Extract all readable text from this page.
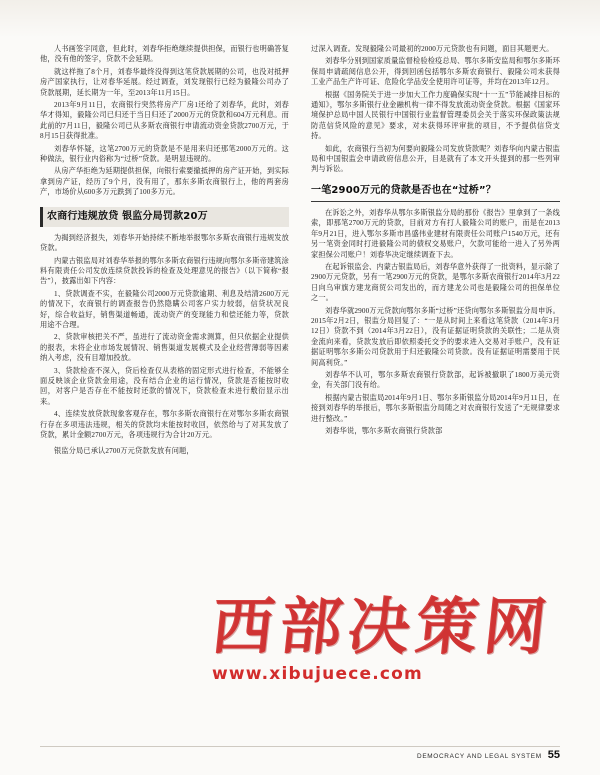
人书画签字同意，但此时，刘春华拒绝继续提供担保，而银行也明确答复他，没有他的签字，贷款不会延期。

就这样拖了8个月，刘春华最终没得到这笔贷款展期的公司，也没对抵押房产国家执行，让对春华延展。经过调查，刘发现银行已经为毅隆公司办了贷款展期，延长期为一年，至2013年11月15日。

2013年9月11日，农商银行突然将房产厂房1还给了刘春华，此时，刘春华才得知，毅隆公司已归还于当日归还了2000万元的贷款和604万元利息。而此前的7月11日，毅隆公司已从多斯农商银行申请流动资金贷款2700万元，于8月15日获得批准。

刘春华怀疑，这笔2700万元的贷款是不是用来归还那笔2000万元的。这种做法，银行业内俗称为“过桥”贷款。是明显违规的。

从房产华拒绝为延期提供担保，向银行索要撤抵押的房产证开始，到实际拿到房产证，经历了9个月，没有用了，那东多斯农商银行上，他的两套房产，市场价从600多万元跌到了100多万元。

农商行违规放贷 银监分局罚款20万

为揭到经济报失，刘春华开始持续不断地举报鄂尔多斯农商银行违规发放贷款。

内蒙古银监局对刘春华举报的鄂尔多斯农商银行违规向鄂尔多斯帝建筑涂料有限责任公司发放连续贷款投诉的检查及处理意见的报告》（以下简称“报告”），披露出如下内容：

1、贷款调查不实，在毅隆公司2000万元贷款逾期、利息及结清2600万元的情况下，农商银行的调查报告仍然隐瞒公司客户实力较弱，信贷状况良好，综合收益好，销售渠道畅通，流动资产的变现能力和偿还能力等，贷款用途不合理。

2、贷款审核把关不严，虽进行了流动资金需求测算，但只依据企业提供的报表，未将企业市场发展情况、销售渠道发展模式及企业经营薄弱等因素纳入考虑，没有目增加投放。

3、贷款检查不深入，贷后检查仅从表格的固定形式进行检查，不能够全面反映该企业贷款金用途，没有结合企业的运行情况，贷款是否能按时收回，对客户是否存在不能按时还款的情况下，贷款检查未进行敷衍显示出来。

4、连续发放贷款现象客观存在，鄂尔多斯农商银行在对鄂尔多斯农商银行存在多项违法违规，相关的贷款均未能按时收回，依然给与了对其发放了贷款，累计金额2700万元，各项违规行为合计20万元。

银监分局已承认2700万元贷款发放有问题，

过深入调查。发现毅隆公司最初的2000万元贷款也有问题，面目其题更大。

刘春华分别到国家质量监督检验检疫总局、鄂尔多斯安监局和鄂尔多斯环保局申请疏阅信息公开，得到回函包括鄂尔多斯农商银行、毅隆公司未获得工业产品生产许可证、危险化学品安全使用许可证等，并均在2013年12月。

根据《国务院关于进一步加大工作力度确保实现“十一五”节能减排目标的通知》，鄂尔多斯银行业金融机构一律不得发放流动资金贷款。根据《国家环境保护总局中国人民银行中国银行业监督管理委员会关于落实环保政策法规防范信贷风险的意见》要求，对未获得环评审批的项目，不予提供信贷支持。

如此，农商银行当初为何要向毅隆公司发放贷款呢？刘春华向内蒙古银监局和中国银监会申请政府信息公开，目是就有了本文开头提到的那一些列审判与诉讼。

一笔2900万元的贷款是否也在“过桥”？

在诉讼之外，刘春华从鄂尔多斯银监分局的那份《报告》里拿到了一条线索，即那笔2700万元的贷款，目前对方有打人毅隆公司的账户，而是在2013年9月21日，进入鄂尔多斯市昌盛伟业建材有限责任公司账户1540万元，还有另一笔资金同时打进毅隆公司的债权交易账户，欠款可能给一进入了另外两家担保公司账户！刘春华决定继续调查下去。

在起诉银监会、内蒙古银监局后，刘春华意外获得了一批资料，显示除了2900万元贷款，另有一笔2900万元的贷款，是鄂尔多斯农商银行2014年3月22日向乌审旗方建龙商贸公司发出的，而方建龙公司也是毅隆公司的担保单位之一。

刘春华就2900万元贷款向鄂尔多斯“过桥”还贷向鄂尔多斯银监分局申诉。2015年2月2日，银监分局回复了：“一是从时间上来看这笔贷款（2014年3月12日）贷款不到（2014年3月22日），没有证据证明贷款的关联性；二是从资金流向来看，贷款发放后即依照委托交予的要求进入交易对手账户，没有证据证明鄂尔多斯公司贷款用于归还毅隆公司贷款。没有证据证明需要用于民间高利贷。”

刘春华不认可，鄂尔多斯农商银行贷款部，起诉被撤职了1800万美元资金，有关部门没有给。

根据内蒙古银监局2014年9月1日、鄂尔多斯银监分局2014年9月11日，在接到刘春华的举报后，鄂尔多斯银监分局随之对农商银行发送了“无规律要求进行整改。”

刘春华说，鄂尔多斯农商银行贷款部

西部决策网
www.xibujuece.com
DEMOCRACY AND LEGAL SYSTEM 55
